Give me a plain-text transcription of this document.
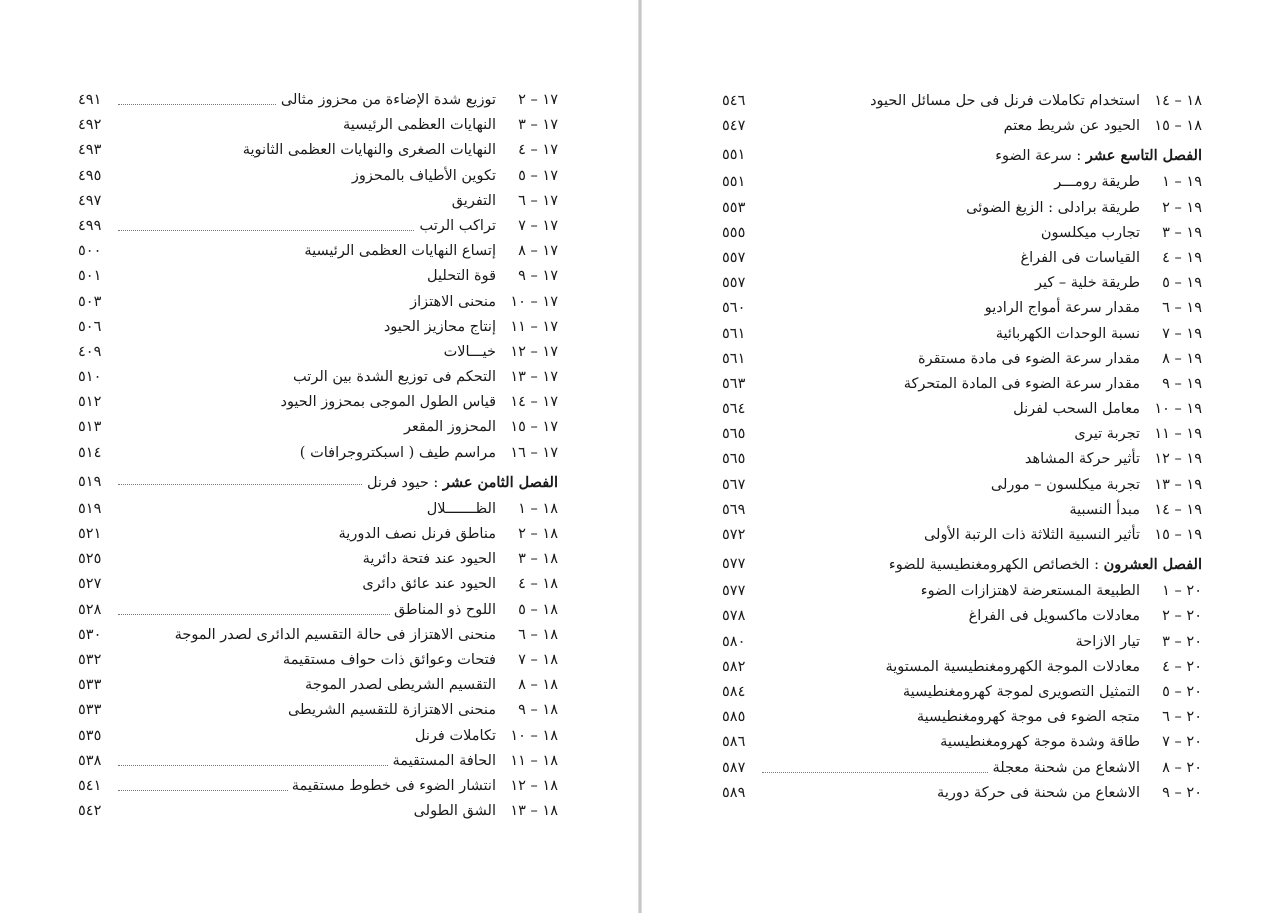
١٧ – ٢توزيع شدة الإضاءة من محزوز مثالى
٤٩١
١٧ – ٣النهايات العظمى الرئيسية
٤٩٢
١٧ – ٤النهايات الصغرى والنهايات العظمى الثانوية
٤٩٣
١٧ – ٥تكوين الأطياف بالمحزوز
٤٩٥
١٧ – ٦التفريق
٤٩٧
١٧ – ٧تراكب الرتب
٤٩٩
١٧ – ٨إتساع النهايات العظمى الرئيسية
٥٠٠
١٧ – ٩قوة التحليل
٥٠١
١٧ – ١٠منحنى الاهتزاز
٥٠٣
١٧ – ١١إنتاج محازيز الحيود
٥٠٦
١٧ – ١٢خيـــالات
٤٠٩
١٧ – ١٣التحكم فى توزيع الشدة بين الرتب
٥١٠
١٧ – ١٤قياس الطول الموجى بمحزوز الحيود
٥١٢
١٧ – ١٥المحزوز المقعر
٥١٣
١٧ – ١٦مراسم طيف ( اسبكتروجرافات )
٥١٤
الفصل الثامن عشر : حيود فرنل
٥١٩
١٨ – ١الظـــــــلال
٥١٩
١٨ – ٢مناطق فرنل نصف الدورية
٥٢١
١٨ – ٣الحيود عند فتحة دائرية
٥٢٥
١٨ – ٤الحيود عند عائق دائرى
٥٢٧
١٨ – ٥اللوح ذو المناطق
٥٢٨
١٨ – ٦منحنى الاهتزاز فى حالة التقسيم الدائرى لصدر الموجة
٥٣٠
١٨ – ٧فتحات وعوائق ذات حواف مستقيمة
٥٣٢
١٨ – ٨التقسيم الشريطى لصدر الموجة
٥٣٣
١٨ – ٩منحنى الاهتزازة للتقسيم الشريطى
٥٣٣
١٨ – ١٠تكاملات فرنل
٥٣٥
١٨ – ١١الحافة المستقيمة
٥٣٨
١٨ – ١٢انتشار الضوء فى خطوط مستقيمة
٥٤١
١٨ – ١٣الشق الطولى
٥٤٢
١٨ – ١٤استخدام تكاملات فرنل فى حل مسائل الحيود
٥٤٦
١٨ – ١٥الحيود عن شريط معتم
٥٤٧
الفصل التاسع عشر : سرعة الضوء
٥٥١
١٩ – ١طريقة رومـــر
٥٥١
١٩ – ٢طريقة برادلى : الزيغ الضوئى
٥٥٣
١٩ – ٣تجارب ميكلسون
٥٥٥
١٩ – ٤القياسات فى الفراغ
٥٥٧
١٩ – ٥طريقة خلية – كير
٥٥٧
١٩ – ٦مقدار سرعة أمواج الراديو
٥٦٠
١٩ – ٧نسبة الوحدات الكهربائية
٥٦١
١٩ – ٨مقدار سرعة الضوء فى مادة مستقرة
٥٦١
١٩ – ٩مقدار سرعة الضوء فى المادة المتحركة
٥٦٣
١٩ – ١٠معامل السحب لفرنل
٥٦٤
١٩ – ١١تجربة تيرى
٥٦٥
١٩ – ١٢تأثير حركة المشاهد
٥٦٥
١٩ – ١٣تجربة ميكلسون – مورلى
٥٦٧
١٩ – ١٤مبدأ النسبية
٥٦٩
١٩ – ١٥تأثير النسبية الثلاثة ذات الرتبة الأولى
٥٧٢
الفصل العشرون : الخصائص الكهرومغنطيسية للضوء
٥٧٧
٢٠ – ١الطبيعة المستعرضة لاهتزازات الضوء
٥٧٧
٢٠ – ٢معادلات ماكسويل فى الفراغ
٥٧٨
٢٠ – ٣تيار الازاحة
٥٨٠
٢٠ – ٤معادلات الموجة الكهرومغنطيسية المستوية
٥٨٢
٢٠ – ٥التمثيل التصويرى لموجة كهرومغنطيسية
٥٨٤
٢٠ – ٦متجه الضوء فى موجة كهرومغنطيسية
٥٨٥
٢٠ – ٧طاقة وشدة موجة كهرومغنطيسية
٥٨٦
٢٠ – ٨الاشعاع من شحنة معجلة
٥٨٧
٢٠ – ٩الاشعاع من شحنة فى حركة دورية
٥٨٩
